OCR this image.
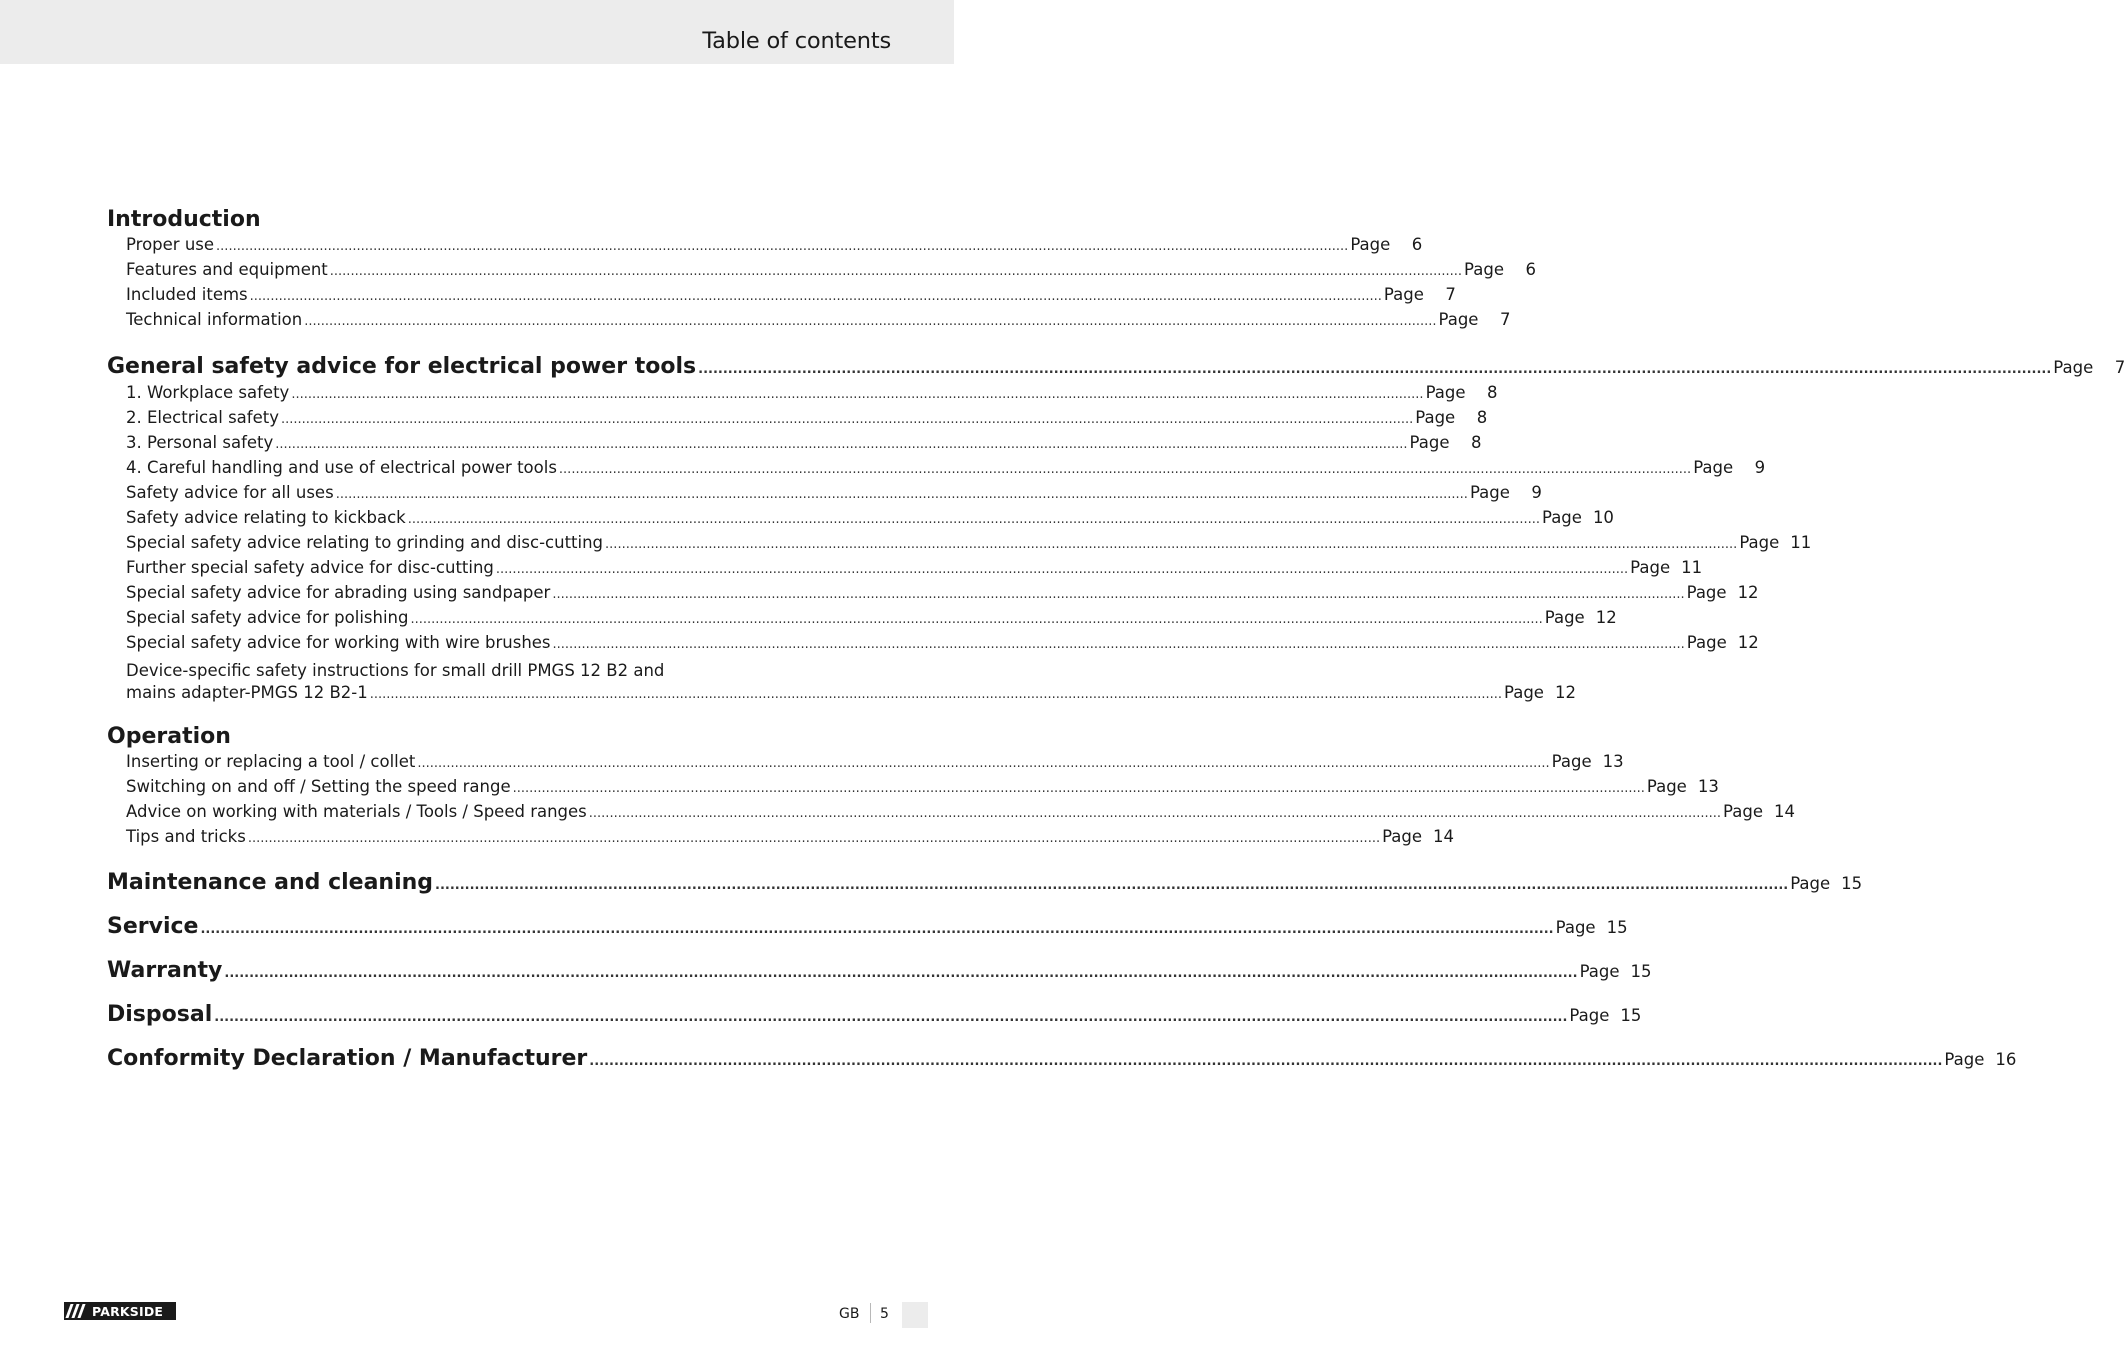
Table of contents
Introduction
Proper use .................................................................................................................................................................................................................................................................................. Page	6
Features and equipment .................................................................................................................................................................................................................................................................................. Page	6
Included items .................................................................................................................................................................................................................................................................................. Page	7
Technical information .................................................................................................................................................................................................................................................................................. Page	7
General safety advice for electrical power tools .................................................................................................................................................................................................................................................................................. Page	7
1. Workplace safety .................................................................................................................................................................................................................................................................................. Page	8
2. Electrical safety .................................................................................................................................................................................................................................................................................. Page	8
3. Personal safety .................................................................................................................................................................................................................................................................................. Page	8
4. Careful handling and use of electrical power tools .................................................................................................................................................................................................................................................................................. Page	9
Safety advice for all uses .................................................................................................................................................................................................................................................................................. Page	9
Safety advice relating to kickback .................................................................................................................................................................................................................................................................................. Page 10
Special safety advice relating to grinding and disc-cutting .................................................................................................................................................................................................................................................................................. Page 11
Further special safety advice for disc-cutting .................................................................................................................................................................................................................................................................................. Page 11
Special safety advice for abrading using sandpaper .................................................................................................................................................................................................................................................................................. Page 12
Special safety advice for polishing .................................................................................................................................................................................................................................................................................. Page 12
Special safety advice for working with wire brushes .................................................................................................................................................................................................................................................................................. Page 12
Device-specific safety instructions for small drill PMGS 12 B2 and
mains adapter-PMGS 12 B2-1 .................................................................................................................................................................................................................................................................................. Page 12
Operation
Inserting or replacing a tool / collet .................................................................................................................................................................................................................................................................................. Page 13
Switching on and off / Setting the speed range .................................................................................................................................................................................................................................................................................. Page 13
Advice on working with materials / Tools / Speed ranges .................................................................................................................................................................................................................................................................................. Page 14
Tips and tricks .................................................................................................................................................................................................................................................................................. Page 14
Maintenance and cleaning .................................................................................................................................................................................................................................................................................. Page 15
Service .................................................................................................................................................................................................................................................................................. Page 15
Warranty .................................................................................................................................................................................................................................................................................. Page 15
Disposal .................................................................................................................................................................................................................................................................................. Page 15
Conformity Declaration / Manufacturer .................................................................................................................................................................................................................................................................................. Page 16
PARKSIDE	GB 5
